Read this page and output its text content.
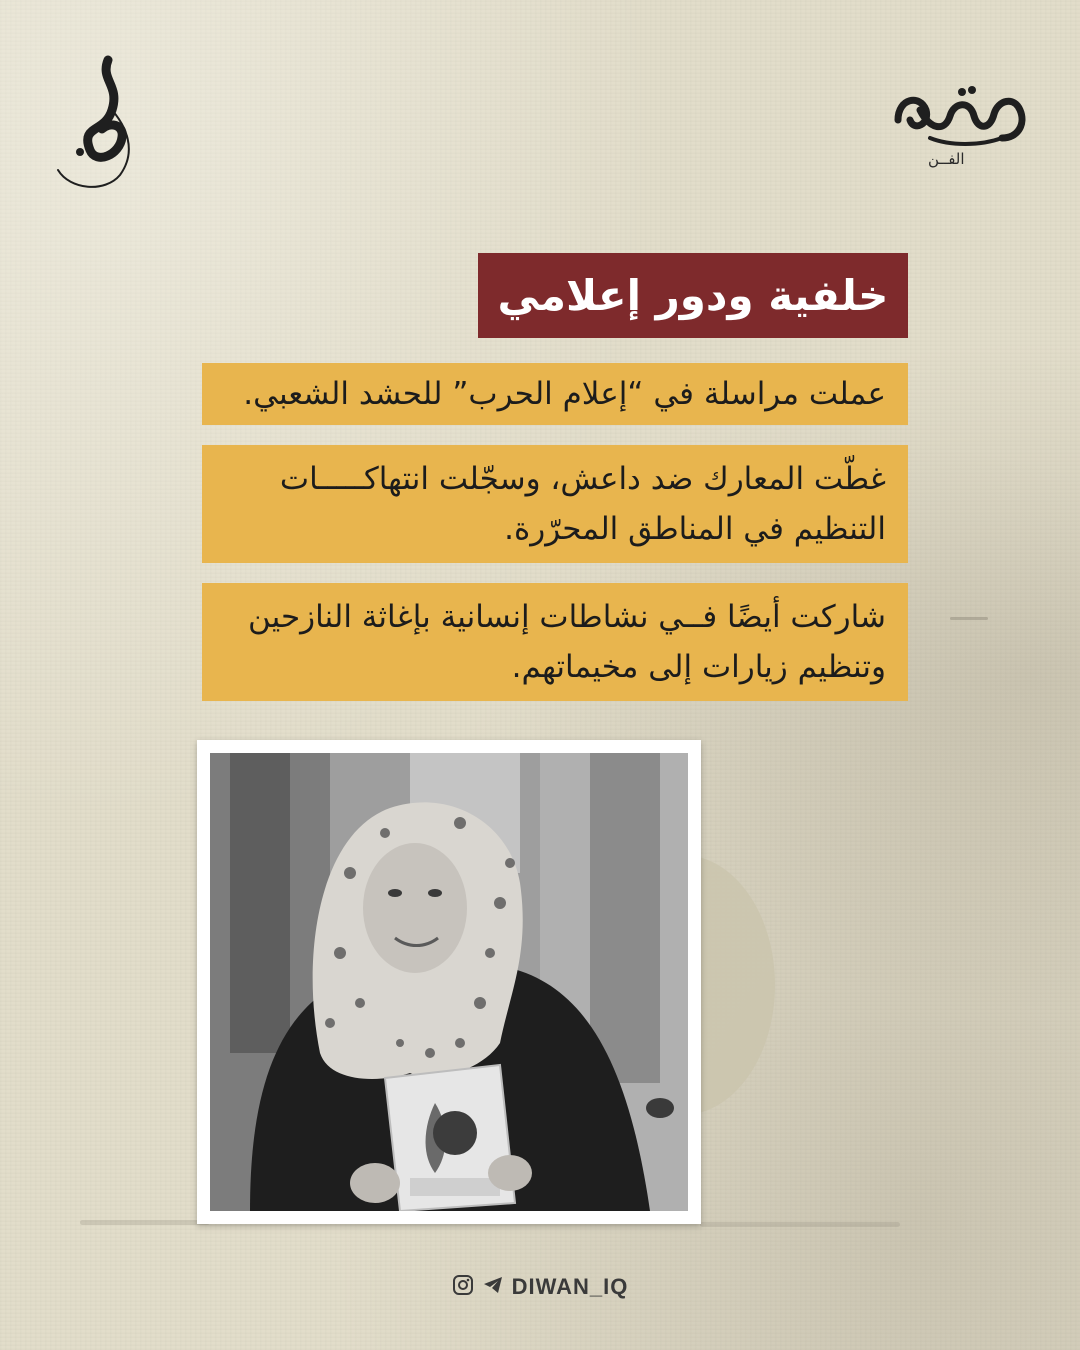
الفــن
خلفية ودور إعلامي
عملت مراسلة في “إعلام الحرب” للحشد الشعبي.
غطّت المعارك ضد داعش، وسجّلت انتهاكـــــات
التنظيم في المناطق المحرّرة.
شاركت أيضًا فــي نشاطات إنسانية بإغاثة النازحين
وتنظيم زيارات إلى مخيماتهم.
DIWAN_IQ
